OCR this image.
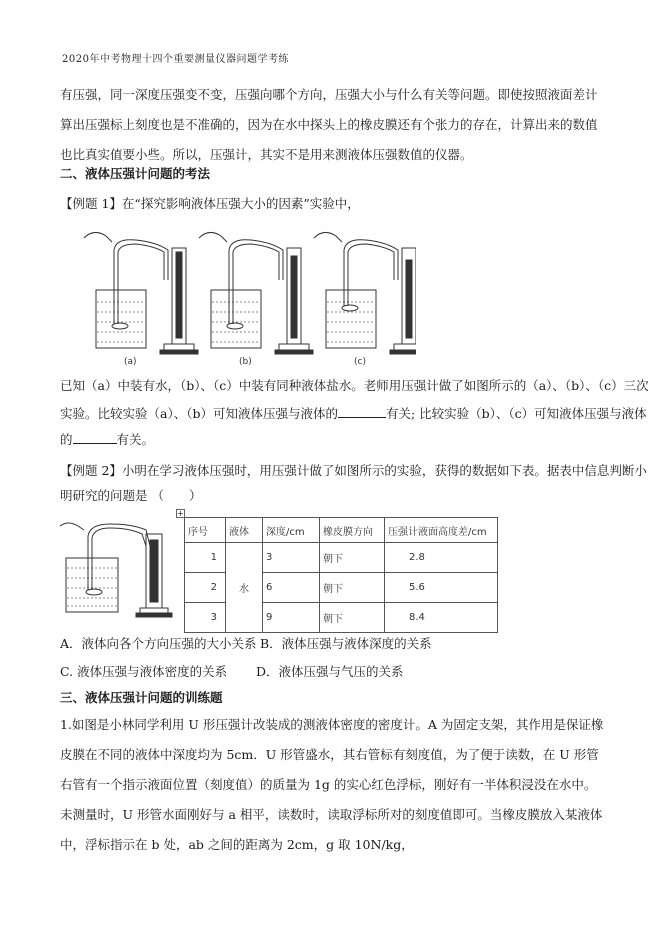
2020年中考物理十四个重要测量仪器问题学考练
有压强，同一深度压强变不变，压强向哪个方向，压强大小与什么有关等问题。即使按照液面差计算出压强标上刻度也是不准确的，因为在水中探头上的橡皮膜还有个张力的存在，计算出来的数值也比真实值要小些。所以，压强计，其实不是用来测液体压强数值的仪器。
二、液体压强计问题的考法
【例题 1】在“探究影响液体压强大小的因素”实验中，
(a)	(b)	(c)
已知（a）中装有水，（b）、（c）中装有同种液体盐水。老师用压强计做了如图所示的（a）、（b）、（c）三次
实验。比较实验（a）、（b）可知液体压强与液体的	有关; 比较实验（b）、（c）可知液体压强与液体
的	有关。
【例题 2】小明在学习液体压强时，用压强计做了如图所示的实验，获得的数据如下表。据表中信息判断小
明研究的问题是 （　　）
+
序号	液体	深度/cm	橡皮膜方向	压强计液面高度差/cm
1	水	3	朝下	2.8
2		6	朝下	5.6
3		9	朝下	8.4
A．液体向各个方向压强的大小关系 B．液体压强与液体深度的关系
C. 液体压强与液体密度的关系 D．液体压强与气压的关系
三、液体压强计问题的训练题
1.如图是小林同学利用 U 形压强计改装成的测液体密度的密度计。A 为固定支架，其作用是保证橡皮膜在不同的液体中深度均为 5cm．U 形管盛水，其右管标有刻度值，为了便于读数，在 U 形管右管有一个指示液面位置（刻度值）的质量为 1g 的实心红色浮标，刚好有一半体积浸没在水中。未测量时，U 形管水面刚好与 a 相平，读数时，读取浮标所对的刻度值即可。当橡皮膜放入某液体中，浮标指示在 b 处，ab 之间的距离为 2cm，g 取 10N/kg，
